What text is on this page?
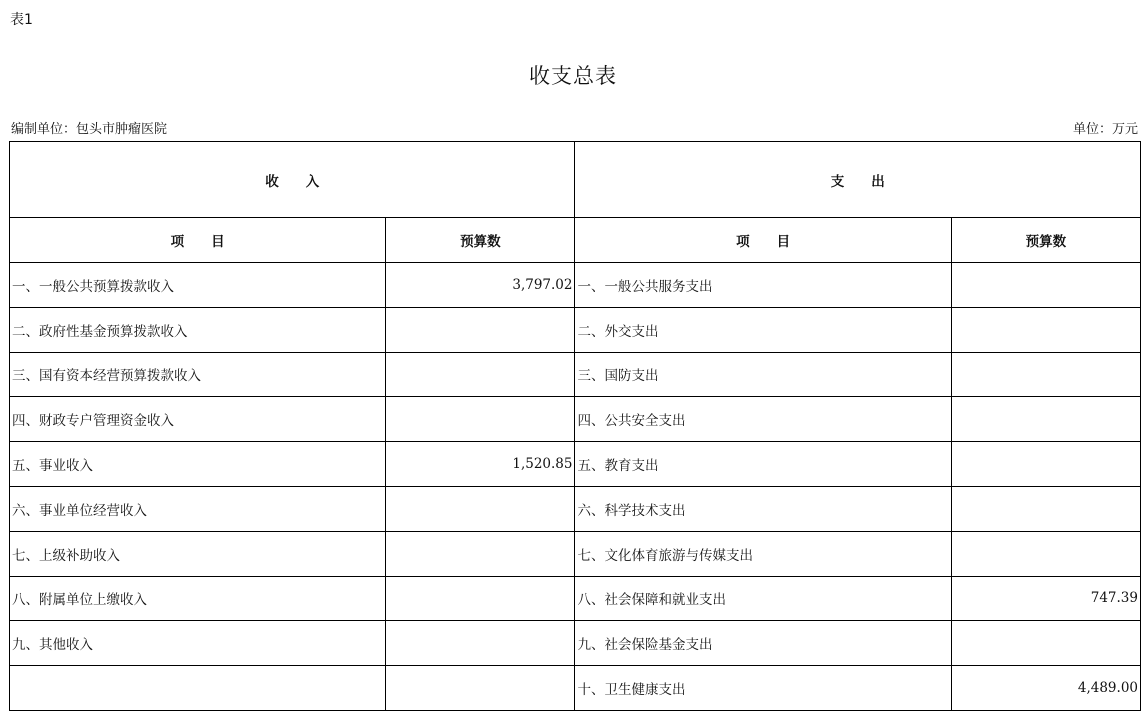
表1
收支总表
编制单位：包头市肿瘤医院	单位：万元
收　　入		支　　出	
项　　目	预算数	项　　目	预算数
一、一般公共预算拨款收入	3,797.02	一、一般公共服务支出	
二、政府性基金预算拨款收入		二、外交支出	
三、国有资本经营预算拨款收入		三、国防支出	
四、财政专户管理资金收入		四、公共安全支出	
五、事业收入	1,520.85	五、教育支出	
六、事业单位经营收入		六、科学技术支出	
七、上级补助收入		七、文化体育旅游与传媒支出	
八、附属单位上缴收入		八、社会保障和就业支出	747.39
九、其他收入		九、社会保险基金支出	
		十、卫生健康支出	4,489.00
